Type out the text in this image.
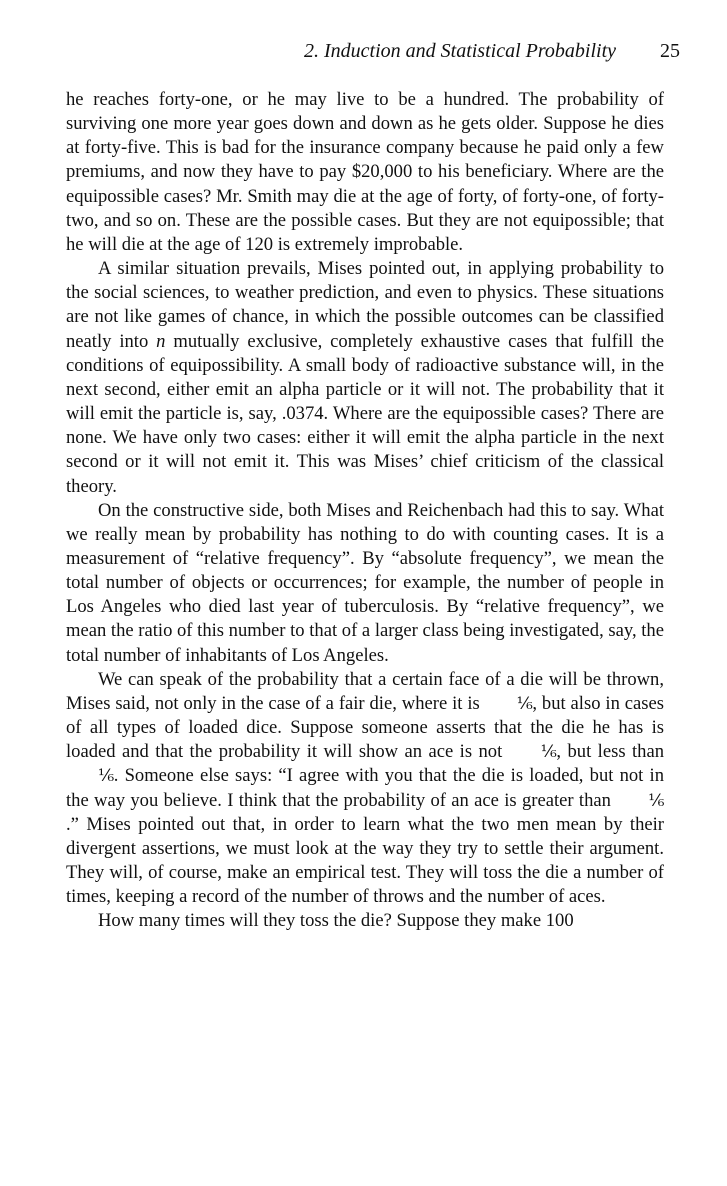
2. Induction and Statistical Probability 25

he reaches forty-one, or he may live to be a hundred. The probability of surviving one more year goes down and down as he gets older. Suppose he dies at forty-five. This is bad for the insurance company because he paid only a few premiums, and now they have to pay $20,000 to his beneficiary. Where are the equipossible cases? Mr. Smith may die at the age of forty, of forty-one, of forty-two, and so on. These are the possible cases. But they are not equipossible; that he will die at the age of 120 is extremely improbable.

A similar situation prevails, Mises pointed out, in applying probability to the social sciences, to weather prediction, and even to physics. These situations are not like games of chance, in which the possible outcomes can be classified neatly into n mutually exclusive, completely exhaustive cases that fulfill the conditions of equipossibility. A small body of radioactive substance will, in the next second, either emit an alpha particle or it will not. The probability that it will emit the particle is, say, .0374. Where are the equipossible cases? There are none. We have only two cases: either it will emit the alpha particle in the next second or it will not emit it. This was Mises’ chief criticism of the classical theory.

On the constructive side, both Mises and Reichenbach had this to say. What we really mean by probability has nothing to do with counting cases. It is a measurement of “relative frequency”. By “absolute frequency”, we mean the total number of objects or occurrences; for example, the number of people in Los Angeles who died last year of tuberculosis. By “relative frequency”, we mean the ratio of this number to that of a larger class being investigated, say, the total number of inhabitants of Los Angeles.

We can speak of the probability that a certain face of a die will be thrown, Mises said, not only in the case of a fair die, where it is ⅙, but also in cases of all types of loaded dice. Suppose someone asserts that the die he has is loaded and that the probability it will show an ace is not ⅙, but less than ⅙. Someone else says: “I agree with you that the die is loaded, but not in the way you believe. I think that the probability of an ace is greater than ⅙.” Mises pointed out that, in order to learn what the two men mean by their divergent assertions, we must look at the way they try to settle their argument. They will, of course, make an empirical test. They will toss the die a number of times, keeping a record of the number of throws and the number of aces.

How many times will they toss the die? Suppose they make 100
